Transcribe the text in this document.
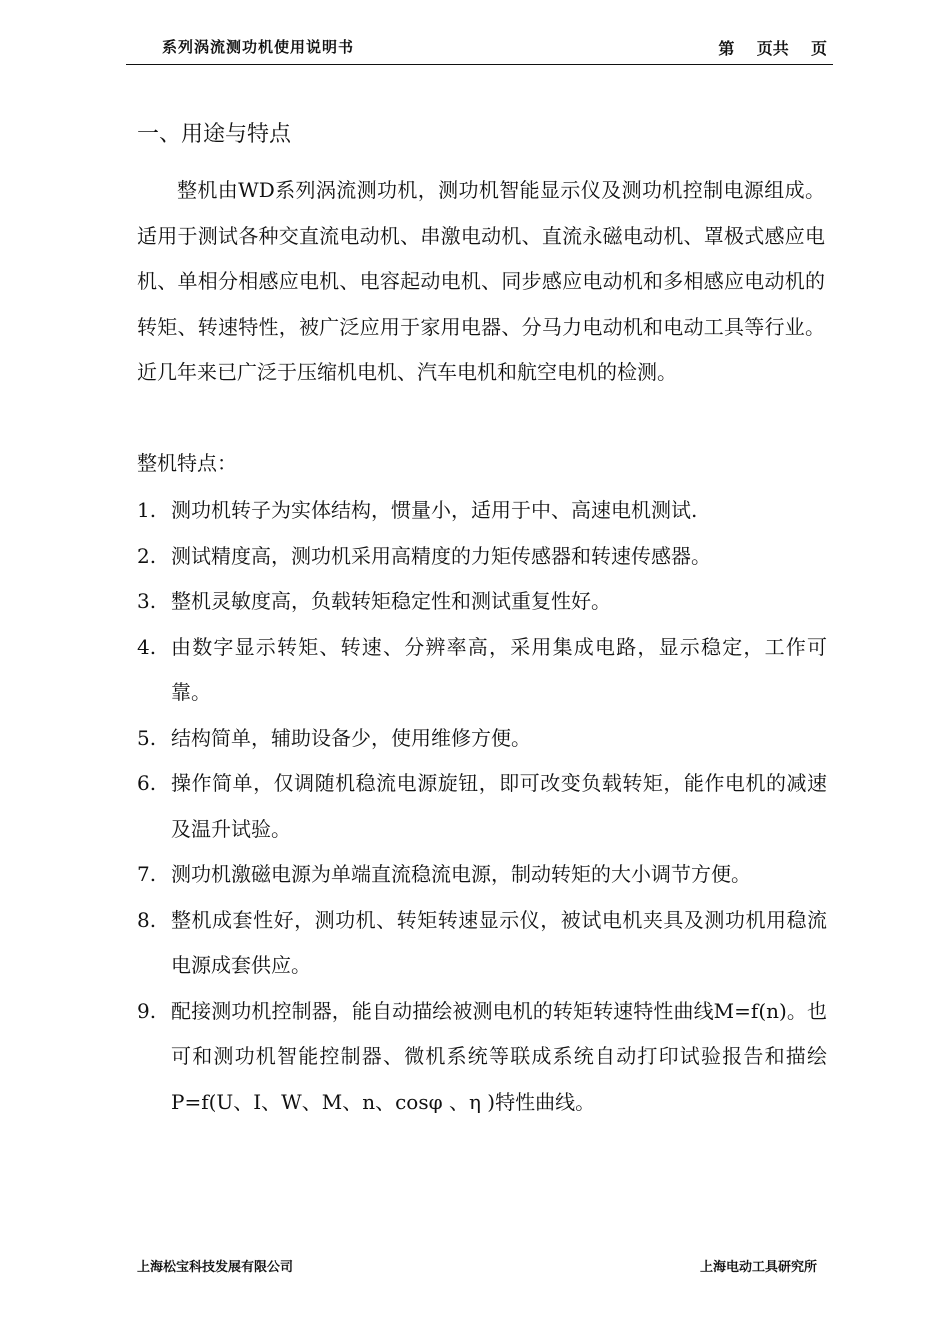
系列涡流测功机使用说明书	第    页共    页
一、用途与特点

整机由WD系列涡流测功机，测功机智能显示仪及测功机控制电源组成。适用于测试各种交直流电动机、串激电动机、直流永磁电动机、罩极式感应电机、单相分相感应电机、电容起动电机、同步感应电动机和多相感应电动机的转矩、转速特性，被广泛应用于家用电器、分马力电动机和电动工具等行业。近几年来已广泛于压缩机电机、汽车电机和航空电机的检测。

整机特点：

1. 测功机转子为实体结构，惯量小，适用于中、高速电机测试.
2. 测试精度高，测功机采用高精度的力矩传感器和转速传感器。
3. 整机灵敏度高，负载转矩稳定性和测试重复性好。
4. 由数字显示转矩、转速、分辨率高，采用集成电路，显示稳定，工作可靠。
5. 结构简单，辅助设备少，使用维修方便。
6. 操作简单，仅调随机稳流电源旋钮，即可改变负载转矩，能作电机的减速及温升试验。
7. 测功机激磁电源为单端直流稳流电源，制动转矩的大小调节方便。
8. 整机成套性好，测功机、转矩转速显示仪，被试电机夹具及测功机用稳流电源成套供应。
9. 配接测功机控制器，能自动描绘被测电机的转矩转速特性曲线M=f(n)。也可和测功机智能控制器、微机系统等联成系统自动打印试验报告和描绘P=f(U、I、W、M、n、cosφ 、η )特性曲线。
上海松宝科技发展有限公司	上海电动工具研究所
